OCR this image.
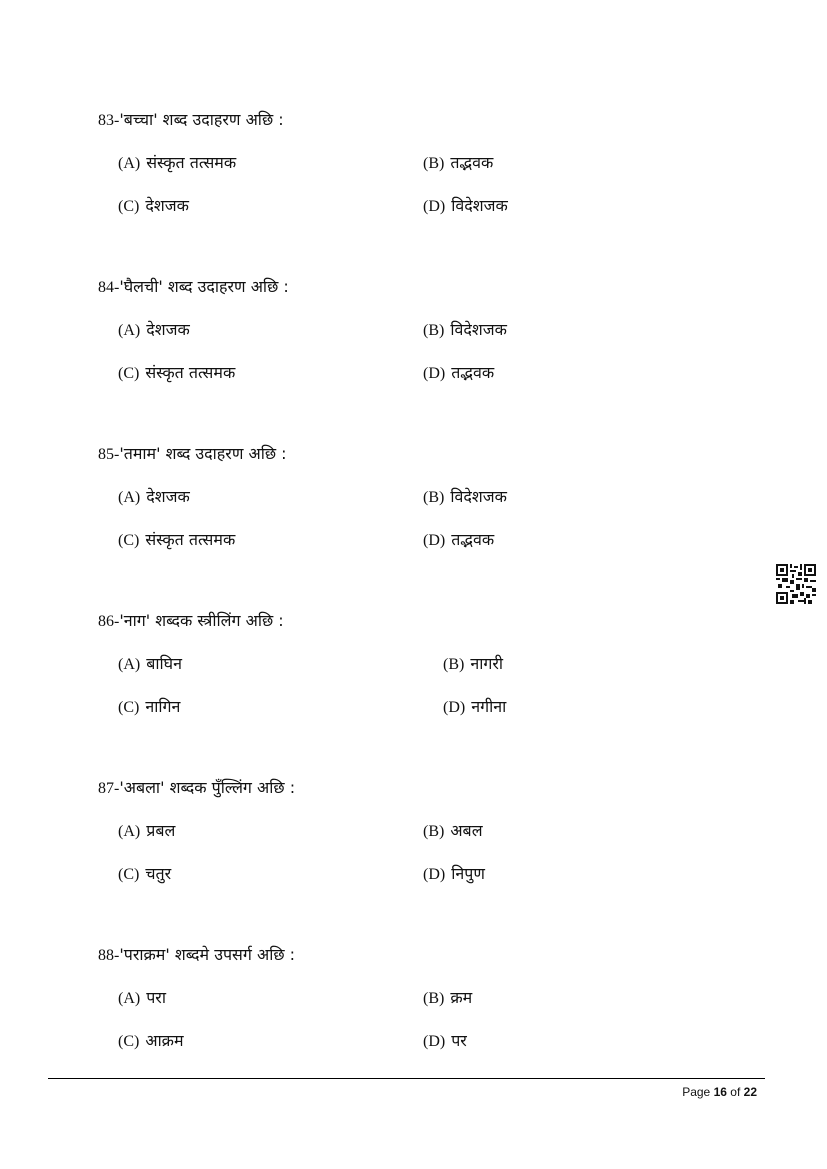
83-'बच्चा' शब्द उदाहरण अछि :
(A) संस्कृत तत्समक	(B) तद्भवक
(C) देशजक	(D) विदेशजक
84-'घैलची' शब्द उदाहरण अछि :
(A) देशजक	(B) विदेशजक
(C) संस्कृत तत्समक	(D) तद्भवक
85-'तमाम' शब्द उदाहरण अछि :
(A) देशजक	(B) विदेशजक
(C) संस्कृत तत्समक	(D) तद्भवक
86-'नाग' शब्दक स्त्रीलिंग अछि :
(A) बाघिन	(B) नागरी
(C) नागिन	(D) नगीना
87-'अबला' शब्दक पुँल्लिंग अछि :
(A) प्रबल	(B) अबल
(C) चतुर	(D) निपुण
88-'पराक्रम' शब्दमे उपसर्ग अछि :
(A) परा	(B) क्रम
(C) आक्रम	(D) पर
Page 16 of 22
